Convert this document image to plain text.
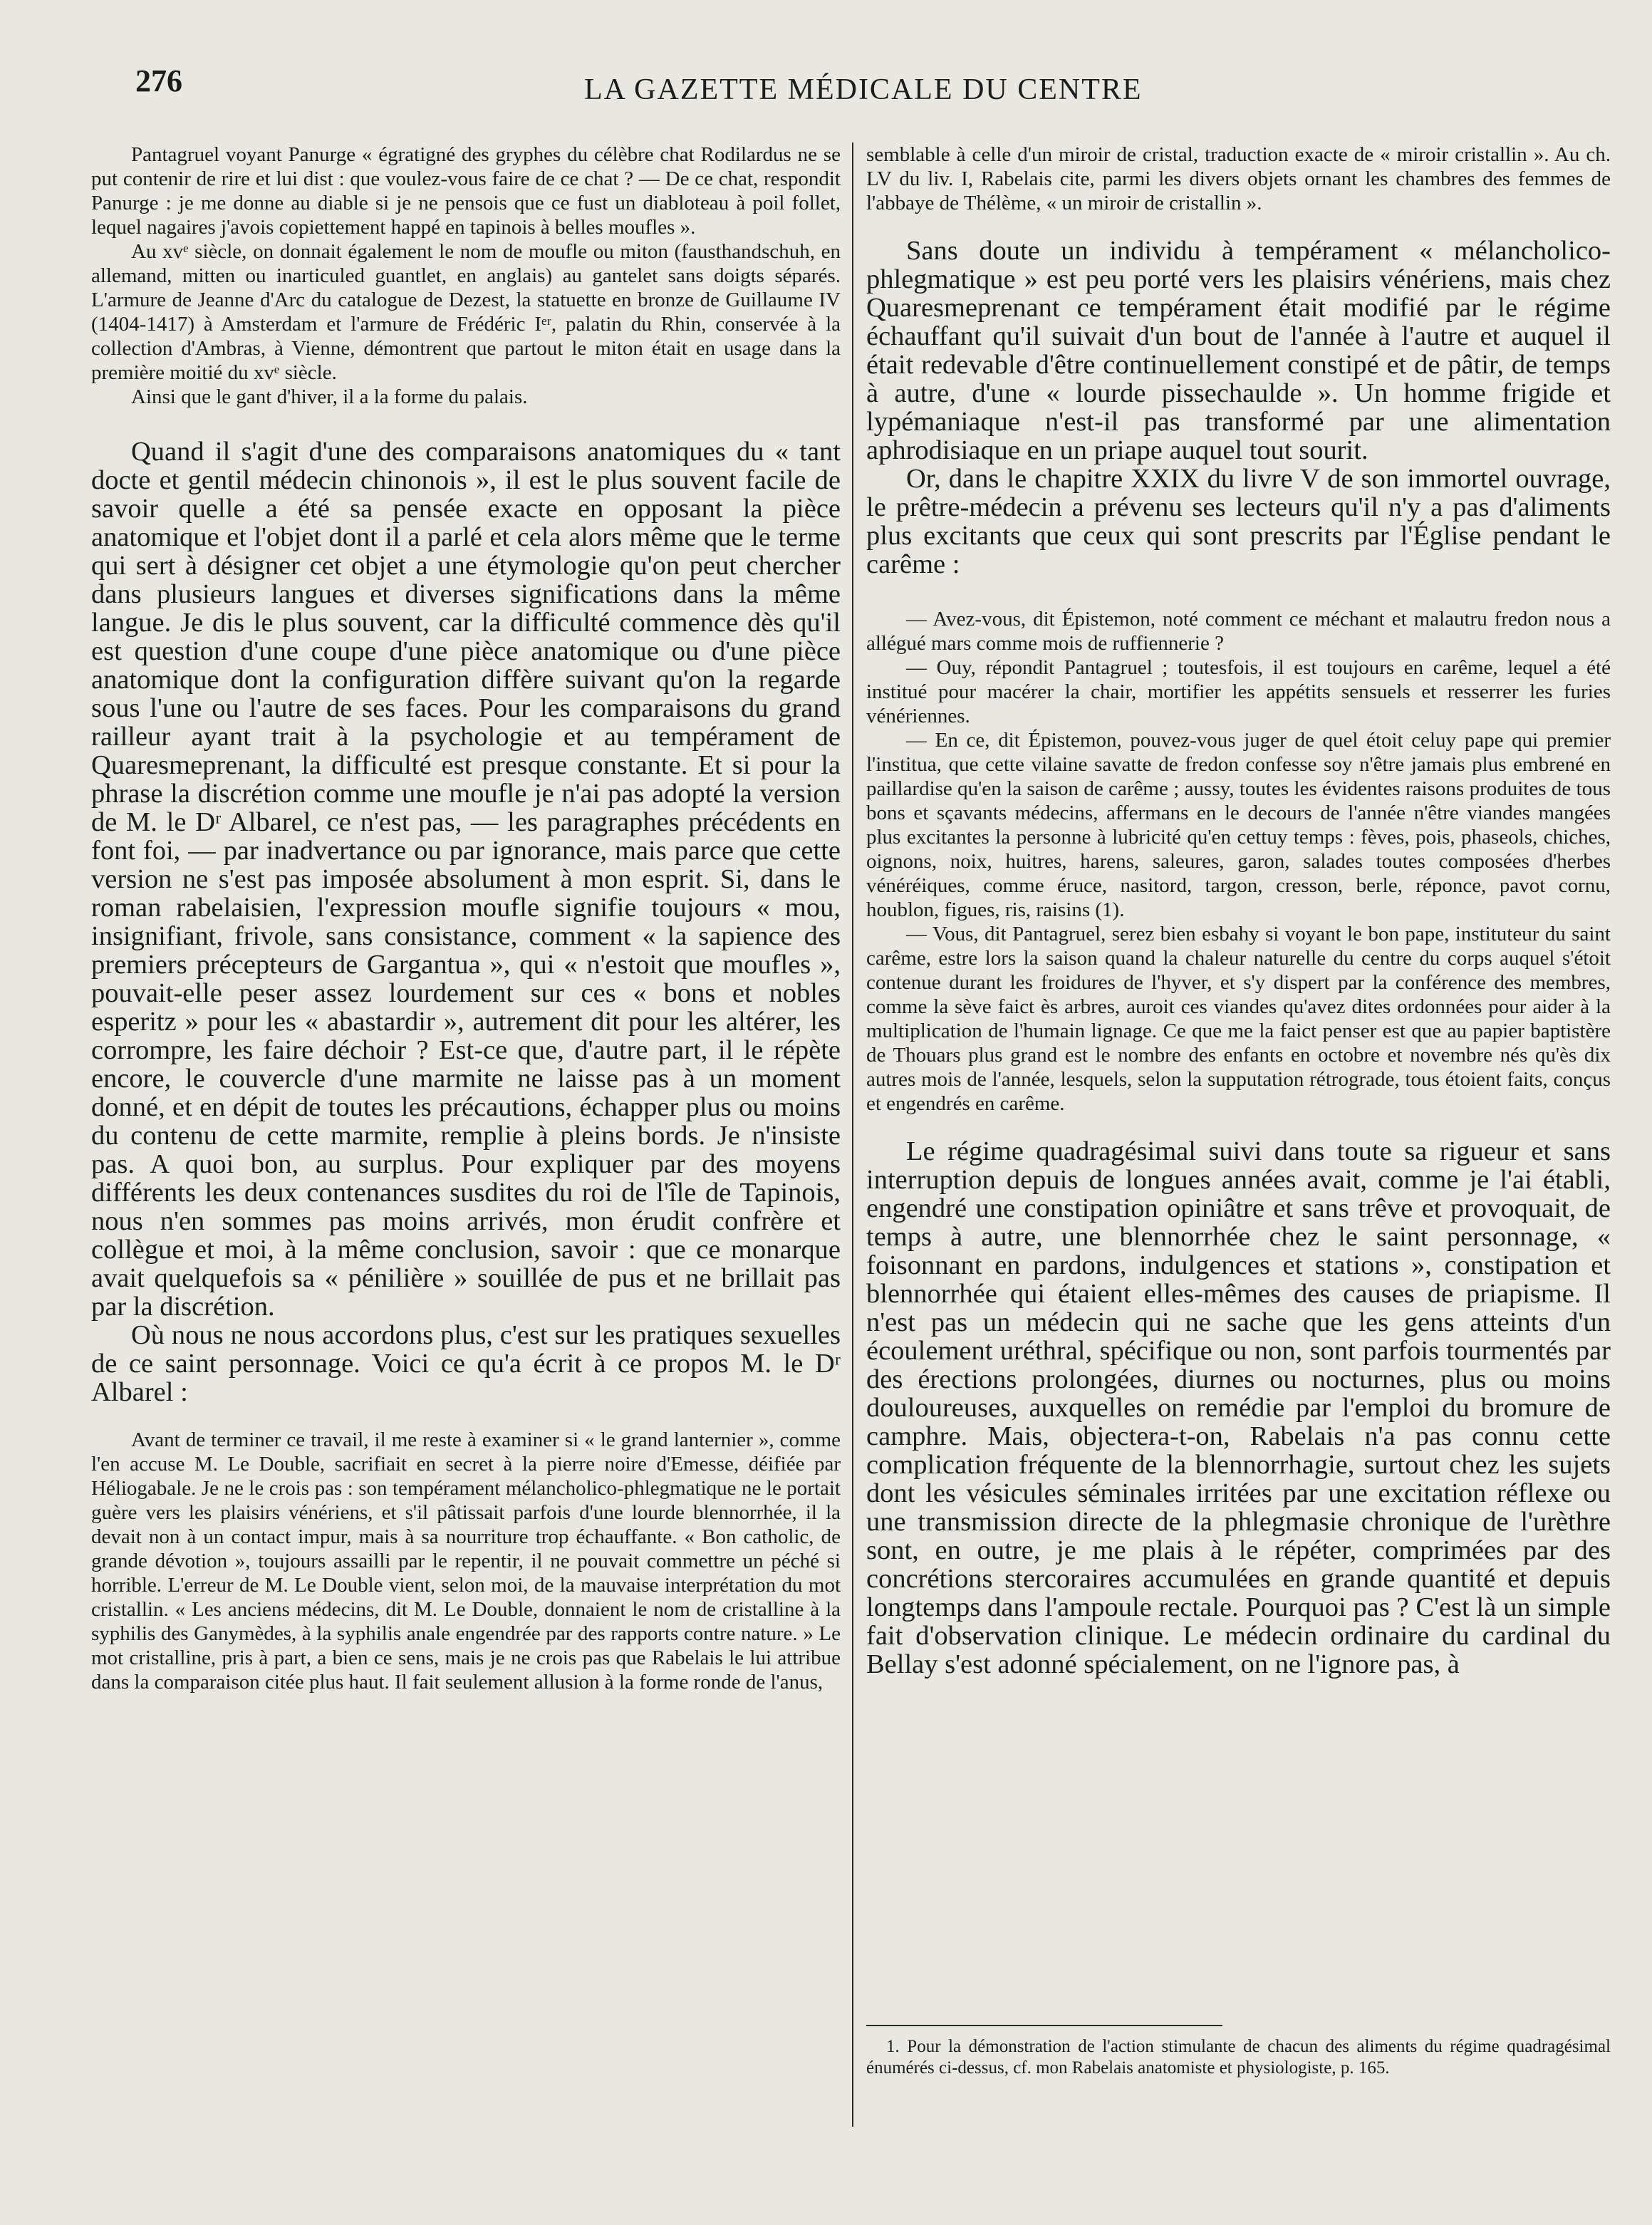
276	LA GAZETTE MÉDICALE DU CENTRE

Pantagruel voyant Panurge « égratigné des gryphes du célèbre chat Rodilardus ne se put contenir de rire et lui dist : que voulez-vous faire de ce chat ? — De ce chat, respondit Panurge : je me donne au diable si je ne pensois que ce fust un diabloteau à poil follet, lequel nagaires j'avois copiettement happé en tapinois à belles moufles ».

Au xvᵉ siècle, on donnait également le nom de moufle ou miton (fausthandschuh, en allemand, mitten ou inarticuled guantlet, en anglais) au gantelet sans doigts séparés. L'armure de Jeanne d'Arc du catalogue de Dezest, la statuette en bronze de Guillaume IV (1404-1417) à Amsterdam et l'armure de Frédéric Iᵉʳ, palatin du Rhin, conservée à la collection d'Ambras, à Vienne, démontrent que partout le miton était en usage dans la première moitié du xvᵉ siècle.

Ainsi que le gant d'hiver, il a la forme du palais.

Quand il s'agit d'une des comparaisons anatomiques du « tant docte et gentil médecin chinonois », il est le plus souvent facile de savoir quelle a été sa pensée exacte en opposant la pièce anatomique et l'objet dont il a parlé et cela alors même que le terme qui sert à désigner cet objet a une étymologie qu'on peut chercher dans plusieurs langues et diverses significations dans la même langue. Je dis le plus souvent, car la difficulté commence dès qu'il est question d'une coupe d'une pièce anatomique ou d'une pièce anatomique dont la configuration diffère suivant qu'on la regarde sous l'une ou l'autre de ses faces. Pour les comparaisons du grand railleur ayant trait à la psychologie et au tempérament de Quaresmeprenant, la difficulté est presque constante. Et si pour la phrase la discrétion comme une moufle je n'ai pas adopté la version de M. le Dʳ Albarel, ce n'est pas, — les paragraphes précédents en font foi, — par inadvertance ou par ignorance, mais parce que cette version ne s'est pas imposée absolument à mon esprit. Si, dans le roman rabelaisien, l'expression moufle signifie toujours « mou, insignifiant, frivole, sans consistance, comment « la sapience des premiers précepteurs de Gargantua », qui « n'estoit que moufles », pouvait-elle peser assez lourdement sur ces « bons et nobles esperitz » pour les « abastardir », autrement dit pour les altérer, les corrompre, les faire déchoir ? Est-ce que, d'autre part, il le répète encore, le couvercle d'une marmite ne laisse pas à un moment donné, et en dépit de toutes les précautions, échapper plus ou moins du contenu de cette marmite, remplie à pleins bords. Je n'insiste pas. A quoi bon, au surplus. Pour expliquer par des moyens différents les deux contenances susdites du roi de l'île de Tapinois, nous n'en sommes pas moins arrivés, mon érudit confrère et collègue et moi, à la même conclusion, savoir : que ce monarque avait quelquefois sa « pénilière » souillée de pus et ne brillait pas par la discrétion.

Où nous ne nous accordons plus, c'est sur les pratiques sexuelles de ce saint personnage. Voici ce qu'a écrit à ce propos M. le Dʳ Albarel :

Avant de terminer ce travail, il me reste à examiner si « le grand lanternier », comme l'en accuse M. Le Double, sacrifiait en secret à la pierre noire d'Emesse, déifiée par Héliogabale. Je ne le crois pas : son tempérament mélancholico-phlegmatique ne le portait guère vers les plaisirs vénériens, et s'il pâtissait parfois d'une lourde blennorrhée, il la devait non à un contact impur, mais à sa nourriture trop échauffante. « Bon catholic, de grande dévotion », toujours assailli par le repentir, il ne pouvait commettre un péché si horrible. L'erreur de M. Le Double vient, selon moi, de la mauvaise interprétation du mot cristallin. « Les anciens médecins, dit M. Le Double, donnaient le nom de cristalline à la syphilis des Ganymèdes, à la syphilis anale engendrée par des rapports contre nature. » Le mot cristalline, pris à part, a bien ce sens, mais je ne crois pas que Rabelais le lui attribue dans la comparaison citée plus haut. Il fait seulement allusion à la forme ronde de l'anus,

semblable à celle d'un miroir de cristal, traduction exacte de « miroir cristallin ». Au ch. LV du liv. I, Rabelais cite, parmi les divers objets ornant les chambres des femmes de l'abbaye de Thélème, « un miroir de cristallin ».

Sans doute un individu à tempérament « mélancholico-phlegmatique » est peu porté vers les plaisirs vénériens, mais chez Quaresmeprenant ce tempérament était modifié par le régime échauffant qu'il suivait d'un bout de l'année à l'autre et auquel il était redevable d'être continuellement constipé et de pâtir, de temps à autre, d'une « lourde pissechaulde ». Un homme frigide et lypémaniaque n'est-il pas transformé par une alimentation aphrodisiaque en un priape auquel tout sourit.

Or, dans le chapitre XXIX du livre V de son immortel ouvrage, le prêtre-médecin a prévenu ses lecteurs qu'il n'y a pas d'aliments plus excitants que ceux qui sont prescrits par l'Église pendant le carême :

— Avez-vous, dit Épistemon, noté comment ce méchant et malautru fredon nous a allégué mars comme mois de ruffiennerie ?

— Ouy, répondit Pantagruel ; toutesfois, il est toujours en carême, lequel a été institué pour macérer la chair, mortifier les appétits sensuels et resserrer les furies vénériennes.

— En ce, dit Épistemon, pouvez-vous juger de quel étoit celuy pape qui premier l'institua, que cette vilaine savatte de fredon confesse soy n'être jamais plus embrené en paillardise qu'en la saison de carême ; aussy, toutes les évidentes raisons produites de tous bons et sçavants médecins, affermans en le decours de l'année n'être viandes mangées plus excitantes la personne à lubricité qu'en cettuy temps : fèves, pois, phaseols, chiches, oignons, noix, huitres, harens, saleures, garon, salades toutes composées d'herbes vénéréiques, comme éruce, nasitord, targon, cresson, berle, réponce, pavot cornu, houblon, figues, ris, raisins (1).

— Vous, dit Pantagruel, serez bien esbahy si voyant le bon pape, instituteur du saint carême, estre lors la saison quand la chaleur naturelle du centre du corps auquel s'étoit contenue durant les froidures de l'hyver, et s'y dispert par la conférence des membres, comme la sève faict ès arbres, auroit ces viandes qu'avez dites ordonnées pour aider à la multiplication de l'humain lignage. Ce que me la faict penser est que au papier baptistère de Thouars plus grand est le nombre des enfants en octobre et novembre nés qu'ès dix autres mois de l'année, lesquels, selon la supputation rétrograde, tous étoient faits, conçus et engendrés en carême.

Le régime quadragésimal suivi dans toute sa rigueur et sans interruption depuis de longues années avait, comme je l'ai établi, engendré une constipation opiniâtre et sans trêve et provoquait, de temps à autre, une blennorrhée chez le saint personnage, « foisonnant en pardons, indulgences et stations », constipation et blennorrhée qui étaient elles-mêmes des causes de priapisme. Il n'est pas un médecin qui ne sache que les gens atteints d'un écoulement uréthral, spécifique ou non, sont parfois tourmentés par des érections prolongées, diurnes ou nocturnes, plus ou moins douloureuses, auxquelles on remédie par l'emploi du bromure de camphre. Mais, objectera-t-on, Rabelais n'a pas connu cette complication fréquente de la blennorrhagie, surtout chez les sujets dont les vésicules séminales irritées par une excitation réflexe ou une transmission directe de la phlegmasie chronique de l'urèthre sont, en outre, je me plais à le répéter, comprimées par des concrétions stercoraires accumulées en grande quantité et depuis longtemps dans l'ampoule rectale. Pourquoi pas ? C'est là un simple fait d'observation clinique. Le médecin ordinaire du cardinal du Bellay s'est adonné spécialement, on ne l'ignore pas, à

1. Pour la démonstration de l'action stimulante de chacun des aliments du régime quadragésimal énumérés ci-dessus, cf. mon Rabelais anatomiste et physiologiste, p. 165.
